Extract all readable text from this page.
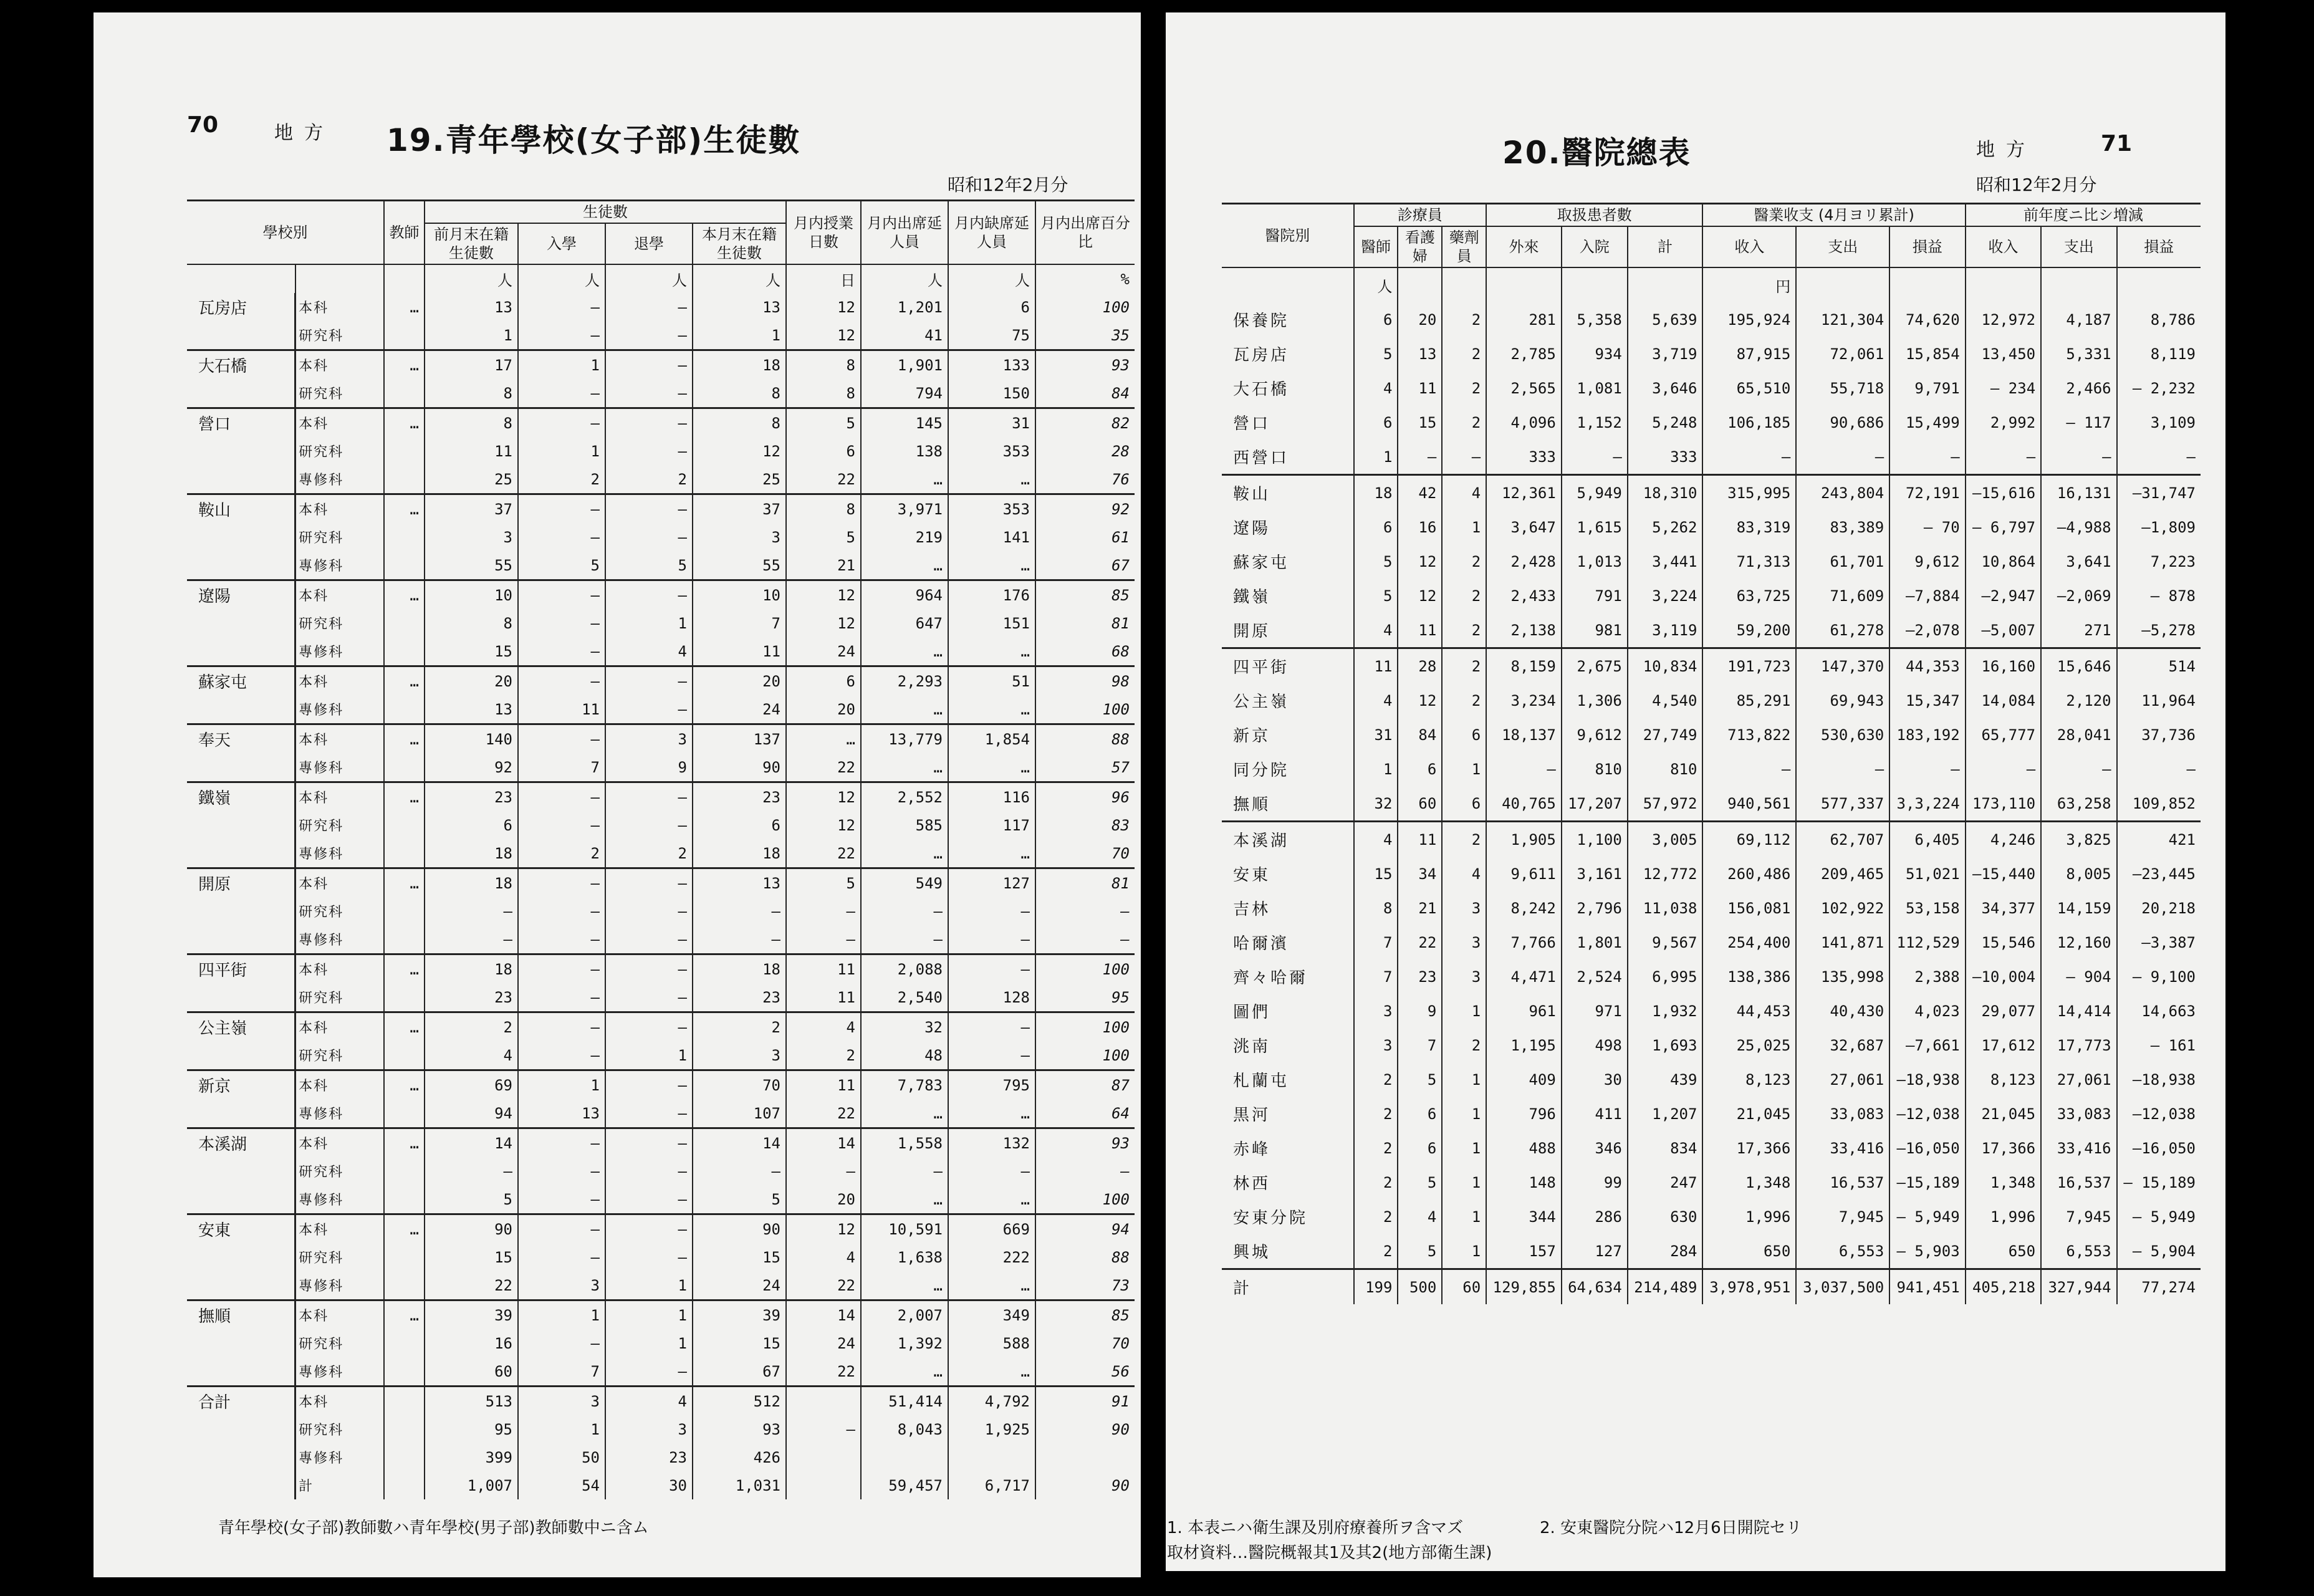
70	地方 19.青年學校(女子部)生徒數
昭和12年2月分
學校別		教師	生徒數				月内授業日數	月内出席延人員	月内缺席延人員	月内出席百分比
			前月末在籍生徒數	入學	退學	本月末在籍生徒數				
			人	人	人	人	日	人	人	%
瓦房店	本科	…	13	—	—	13	12	1,201	6	100
	研究科		1	—	—	1	12	41	75	35
大石橋	本科	…	17	1	—	18	8	1,901	133	93
	研究科		8	—	—	8	8	794	150	84
營口	本科	…	8	—	—	8	5	145	31	82
	研究科		11	1	—	12	6	138	353	28
	專修科		25	2	2	25	22	…	…	76
鞍山	本科	…	37	—	—	37	8	3,971	353	92
	研究科		3	—	—	3	5	219	141	61
	專修科		55	5	5	55	21	…	…	67
遼陽	本科	…	10	—	—	10	12	964	176	85
	研究科		8	—	1	7	12	647	151	81
	專修科		15	—	4	11	24	…	…	68
蘇家屯	本科	…	20	—	—	20	6	2,293	51	98
	專修科		13	11	—	24	20	…	…	100
奉天	本科	…	140	—	3	137	…	13,779	1,854	88
	專修科		92	7	9	90	22	…	…	57
鐵嶺	本科	…	23	—	—	23	12	2,552	116	96
	研究科		6	—	—	6	12	585	117	83
	專修科		18	2	2	18	22	…	…	70
開原	本科	…	18	—	—	13	5	549	127	81
	研究科		—	—	—	—	—	—	—	—
	專修科		—	—	—	—	—	—	—	—
四平街	本科	…	18	—	—	18	11	2,088	—	100
	研究科		23	—	—	23	11	2,540	128	95
公主嶺	本科	…	2	—	—	2	4	32	—	100
	研究科		4	—	1	3	2	48	—	100
新京	本科	…	69	1	—	70	11	7,783	795	87
	專修科		94	13	—	107	22	…	…	64
本溪湖	本科	…	14	—	—	14	14	1,558	132	93
	研究科		—	—	—	—	—	—	—	—
	專修科		5	—	—	5	20	…	…	100
安東	本科	…	90	—	—	90	12	10,591	669	94
	研究科		15	—	—	15	4	1,638	222	88
	專修科		22	3	1	24	22	…	…	73
撫順	本科	…	39	1	1	39	14	2,007	349	85
	研究科		16	—	1	15	24	1,392	588	70
	專修科		60	7	—	67	22	…	…	56
合計	本科		513	3	4	512		51,414	4,792	91
	研究科		95	1	3	93	—	8,043	1,925	90
	專修科		399	50	23	426				
	計		1,007	54	30	1,031		59,457	6,717	90
青年學校(女子部)教師數ハ青年學校(男子部)教師數中ニ含ム
20.醫院總表	地方	71
昭和12年2月分
醫院別	診療員			取扱患者數			醫業收支 (4月ヨリ累計)			前年度ニ比シ増減		
	醫師	看護婦	藥劑員	外來	入院	計	收入	支出	損益	收入	支出	損益
	人						円					
保養院	6	20	2	281	5,358	5,639	195,924	121,304	74,620	12,972	4,187	8,786
瓦房店	5	13	2	2,785	934	3,719	87,915	72,061	15,854	13,450	5,331	8,119
大石橋	4	11	2	2,565	1,081	3,646	65,510	55,718	9,791	— 234	2,466	— 2,232
營口	6	15	2	4,096	1,152	5,248	106,185	90,686	15,499	2,992	— 117	3,109
西營口	1	—	—	333	—	333	—	—	—	—	—	—
鞍山	18	42	4	12,361	5,949	18,310	315,995	243,804	72,191	—15,616	16,131	—31,747
遼陽	6	16	1	3,647	1,615	5,262	83,319	83,389	— 70	— 6,797	—4,988	—1,809
蘇家屯	5	12	2	2,428	1,013	3,441	71,313	61,701	9,612	10,864	3,641	7,223
鐵嶺	5	12	2	2,433	791	3,224	63,725	71,609	—7,884	—2,947	—2,069	— 878
開原	4	11	2	2,138	981	3,119	59,200	61,278	—2,078	—5,007	271	—5,278
四平街	11	28	2	8,159	2,675	10,834	191,723	147,370	44,353	16,160	15,646	514
公主嶺	4	12	2	3,234	1,306	4,540	85,291	69,943	15,347	14,084	2,120	11,964
新京	31	84	6	18,137	9,612	27,749	713,822	530,630	183,192	65,777	28,041	37,736
同分院	1	6	1	—	810	810	—	—	—	—	—	—
撫順	32	60	6	40,765	17,207	57,972	940,561	577,337	3,3,224	173,110	63,258	109,852
本溪湖	4	11	2	1,905	1,100	3,005	69,112	62,707	6,405	4,246	3,825	421
安東	15	34	4	9,611	3,161	12,772	260,486	209,465	51,021	—15,440	8,005	—23,445
吉林	8	21	3	8,242	2,796	11,038	156,081	102,922	53,158	34,377	14,159	20,218
哈爾濱	7	22	3	7,766	1,801	9,567	254,400	141,871	112,529	15,546	12,160	—3,387
齊々哈爾	7	23	3	4,471	2,524	6,995	138,386	135,998	2,388	—10,004	— 904	— 9,100
圖們	3	9	1	961	971	1,932	44,453	40,430	4,023	29,077	14,414	14,663
洮南	3	7	2	1,195	498	1,693	25,025	32,687	—7,661	17,612	17,773	— 161
札蘭屯	2	5	1	409	30	439	8,123	27,061	—18,938	8,123	27,061	—18,938
黒河	2	6	1	796	411	1,207	21,045	33,083	—12,038	21,045	33,083	—12,038
赤峰	2	6	1	488	346	834	17,366	33,416	—16,050	17,366	33,416	—16,050
林西	2	5	1	148	99	247	1,348	16,537	—15,189	1,348	16,537	— 15,189
安東分院	2	4	1	344	286	630	1,996	7,945	— 5,949	1,996	7,945	— 5,949
興城	2	5	1	157	127	284	650	6,553	— 5,903	650	6,553	— 5,904
計	199	500	60	129,855	64,634	214,489	3,978,951	3,037,500	941,451	405,218	327,944	77,274
1. 本表ニハ衛生課及別府療養所ヲ含マズ	2. 安東醫院分院ハ12月6日開院セリ
取材資料…醫院概報其1及其2(地方部衛生課)
